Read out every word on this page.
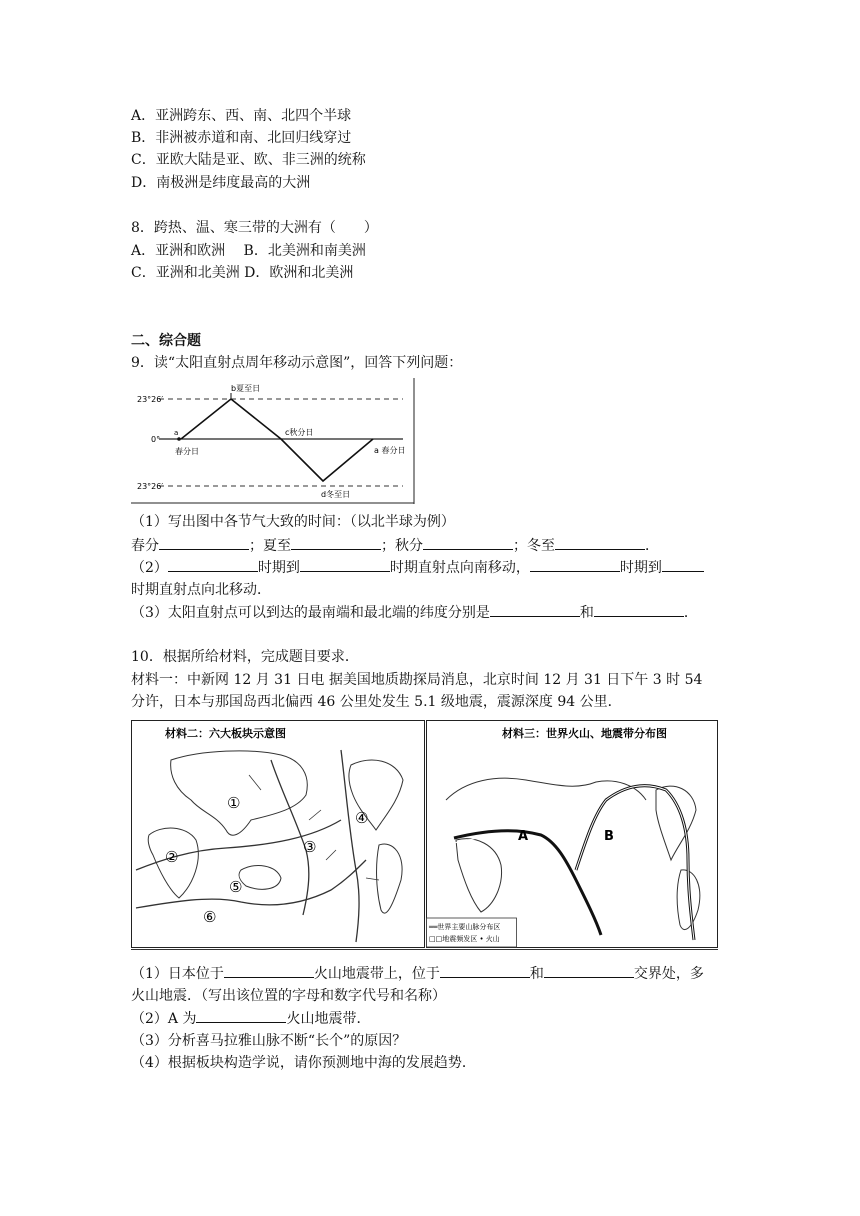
A．亚洲跨东、西、南、北四个半球
B．非洲被赤道和南、北回归线穿过
C．亚欧大陆是亚、欧、非三洲的统称
D．南极洲是纬度最高的大洲
8．跨热、温、寒三带的大洲有（　　）
A．亚洲和欧洲　 B．北美洲和南美洲
C．亚洲和北美洲 D．欧洲和北美洲
二、综合题
9．读“太阳直射点周年移动示意图”，回答下列问题：
23°26′
0°
23°26′
a
春分日
b夏至日
c秋分日
d冬至日
a 春分日
（1）写出图中各节气大致的时间：（以北半球为例）
春分	；夏至	；秋分	；冬至	．
（2）	时期到	时期直射点向南移动，	时期到
时期直射点向北移动．
（3）太阳直射点可以到达的最南端和最北端的纬度分别是	和	．
10．根据所给材料，完成题目要求．
材料一：中新网 12 月 31 日电 据美国地质勘探局消息，北京时间 12 月 31 日下午 3 时 54
分许，日本与那国岛西北偏西 46 公里处发生 5.1 级地震，震源深度 94 公里．
材料二：六大板块示意图
①
②
③
④
⑤
⑥
材料三：世界火山、地震带分布图
A	B
══世界主要山脉分布区
□□地震频发区 • 火山
（1）日本位于	火山地震带上，位于	和	交界处，多
火山地震．（写出该位置的字母和数字代号和名称）
（2）A 为	火山地震带．
（3）分析喜马拉雅山脉不断“长个”的原因？
（4）根据板块构造学说，请你预测地中海的发展趋势．
